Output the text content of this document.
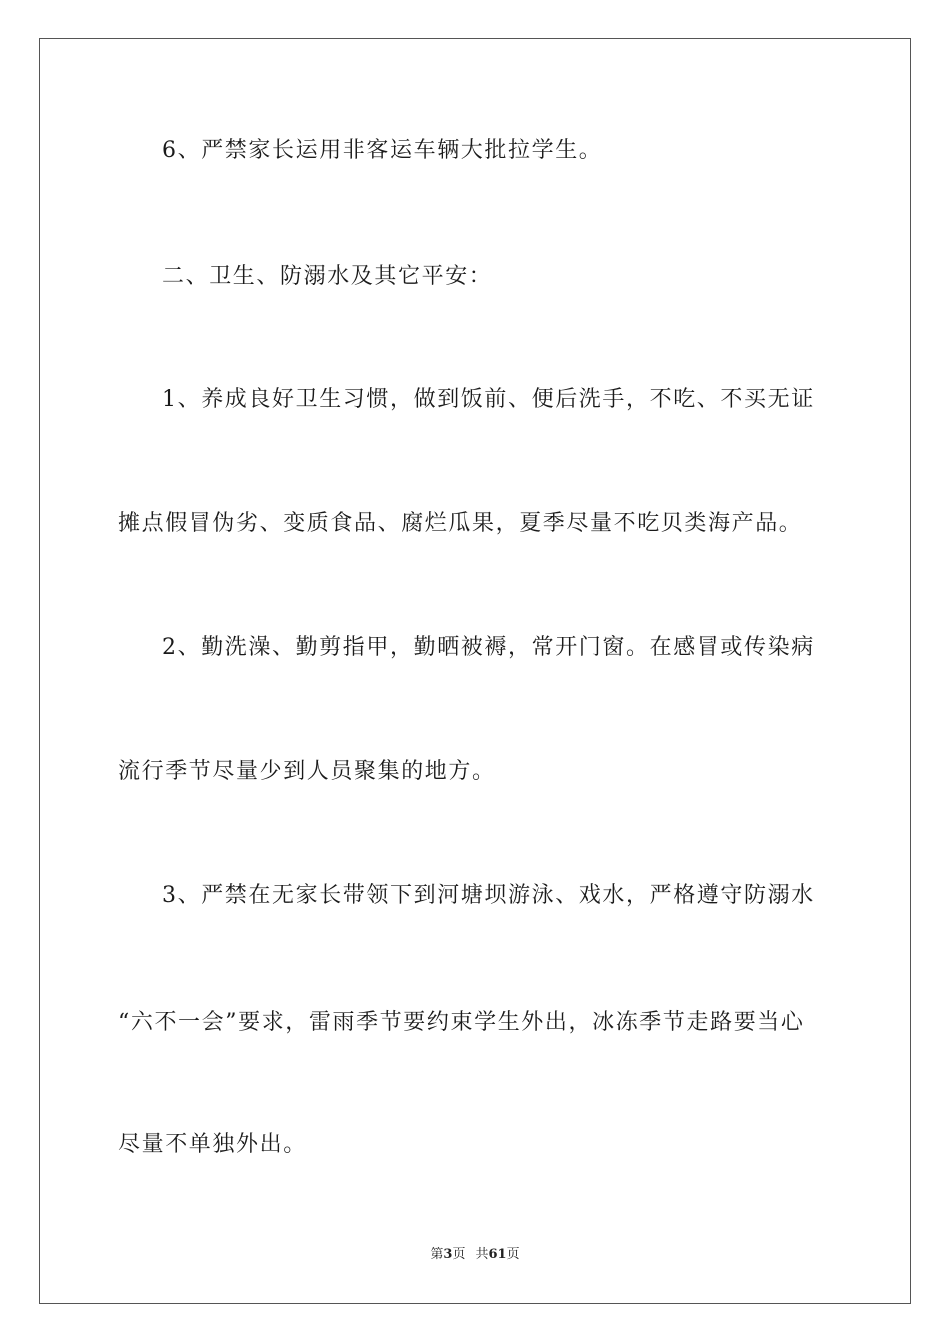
6、严禁家长运用非客运车辆大批拉学生。
二、卫生、防溺水及其它平安：
1、养成良好卫生习惯，做到饭前、便后洗手，不吃、不买无证
摊点假冒伪劣、变质食品、腐烂瓜果，夏季尽量不吃贝类海产品。
2、勤洗澡、勤剪指甲，勤晒被褥，常开门窗。在感冒或传染病
流行季节尽量少到人员聚集的地方。
3、严禁在无家长带领下到河塘坝游泳、戏水，严格遵守防溺水
“六不一会”要求，雷雨季节要约束学生外出，冰冻季节走路要当心
尽量不单独外出。
第3页 共61页
